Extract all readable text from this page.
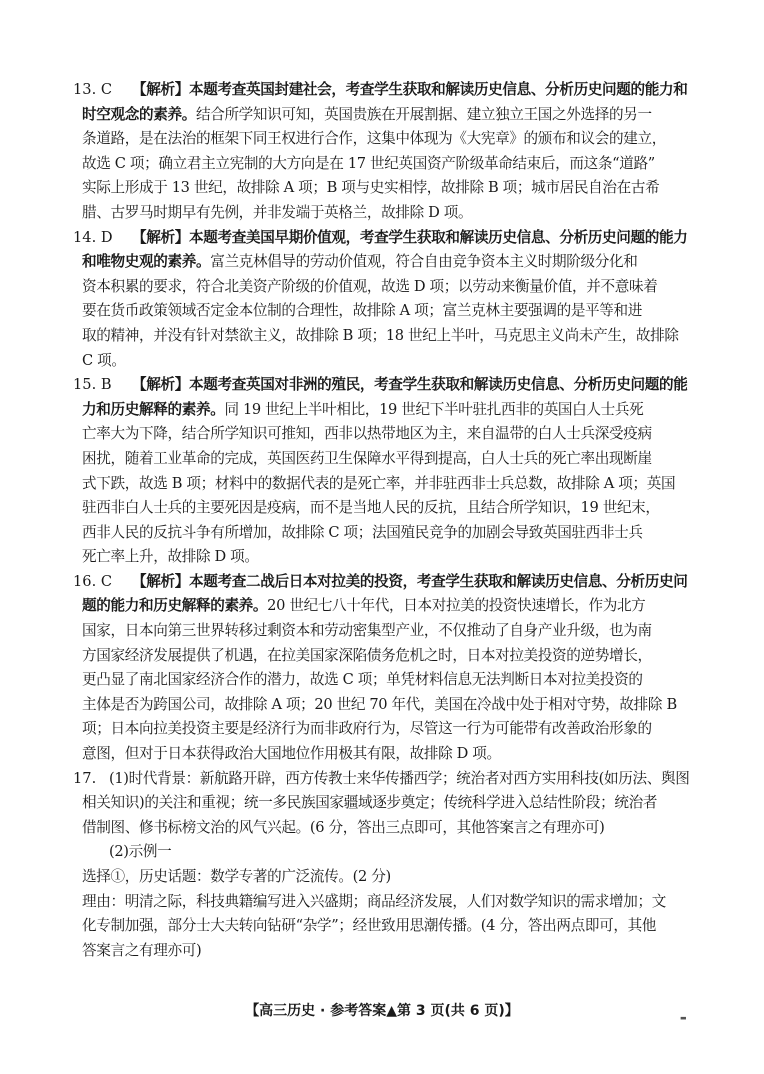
13. C	【解析】本题考查英国封建社会，考查学生获取和解读历史信息、分析历史问题的能力和
时空观念的素养。结合所学知识可知，英国贵族在开展割据、建立独立王国之外选择的另一
条道路，是在法治的框架下同王权进行合作，这集中体现为《大宪章》的颁布和议会的建立，
故选 C 项；确立君主立宪制的大方向是在 17 世纪英国资产阶级革命结束后，而这条“道路”
实际上形成于 13 世纪，故排除 A 项；B 项与史实相悖，故排除 B 项；城市居民自治在古希
腊、古罗马时期早有先例，并非发端于英格兰，故排除 D 项。
14. D	【解析】本题考查美国早期价值观，考查学生获取和解读历史信息、分析历史问题的能力
和唯物史观的素养。富兰克林倡导的劳动价值观，符合自由竞争资本主义时期阶级分化和
资本积累的要求，符合北美资产阶级的价值观，故选 D 项；以劳动来衡量价值，并不意味着
要在货币政策领域否定金本位制的合理性，故排除 A 项；富兰克林主要强调的是平等和进
取的精神，并没有针对禁欲主义，故排除 B 项；18 世纪上半叶，马克思主义尚未产生，故排除
C 项。
15. B	【解析】本题考查英国对非洲的殖民，考查学生获取和解读历史信息、分析历史问题的能
力和历史解释的素养。同 19 世纪上半叶相比，19 世纪下半叶驻扎西非的英国白人士兵死
亡率大为下降，结合所学知识可推知，西非以热带地区为主，来自温带的白人士兵深受疫病
困扰，随着工业革命的完成，英国医药卫生保障水平得到提高，白人士兵的死亡率出现断崖
式下跌，故选 B 项；材料中的数据代表的是死亡率，并非驻西非士兵总数，故排除 A 项；英国
驻西非白人士兵的主要死因是疫病，而不是当地人民的反抗，且结合所学知识，19 世纪末，
西非人民的反抗斗争有所增加，故排除 C 项；法国殖民竞争的加剧会导致英国驻西非士兵
死亡率上升，故排除 D 项。
16. C	【解析】本题考查二战后日本对拉美的投资，考查学生获取和解读历史信息、分析历史问
题的能力和历史解释的素养。20 世纪七八十年代，日本对拉美的投资快速增长，作为北方
国家，日本向第三世界转移过剩资本和劳动密集型产业，不仅推动了自身产业升级，也为南
方国家经济发展提供了机遇，在拉美国家深陷债务危机之时，日本对拉美投资的逆势增长，
更凸显了南北国家经济合作的潜力，故选 C 项；单凭材料信息无法判断日本对拉美投资的
主体是否为跨国公司，故排除 A 项；20 世纪 70 年代，美国在冷战中处于相对守势，故排除 B
项；日本向拉美投资主要是经济行为而非政府行为，尽管这一行为可能带有改善政治形象的
意图，但对于日本获得政治大国地位作用极其有限，故排除 D 项。
17. (1)时代背景：新航路开辟，西方传教士来华传播西学；统治者对西方实用科技(如历法、舆图
相关知识)的关注和重视；统一多民族国家疆域逐步奠定；传统科学进入总结性阶段；统治者
借制图、修书标榜文治的风气兴起。(6 分，答出三点即可，其他答案言之有理亦可)
(2)示例一
选择①，历史话题：数学专著的广泛流传。(2 分)
理由：明清之际，科技典籍编写进入兴盛期；商品经济发展，人们对数学知识的需求增加；文
化专制加强，部分士大夫转向钻研“杂学”；经世致用思潮传播。(4 分，答出两点即可，其他
答案言之有理亦可)
【高三历史 · 参考答案▲第 3 页(共 6 页)】	▬
